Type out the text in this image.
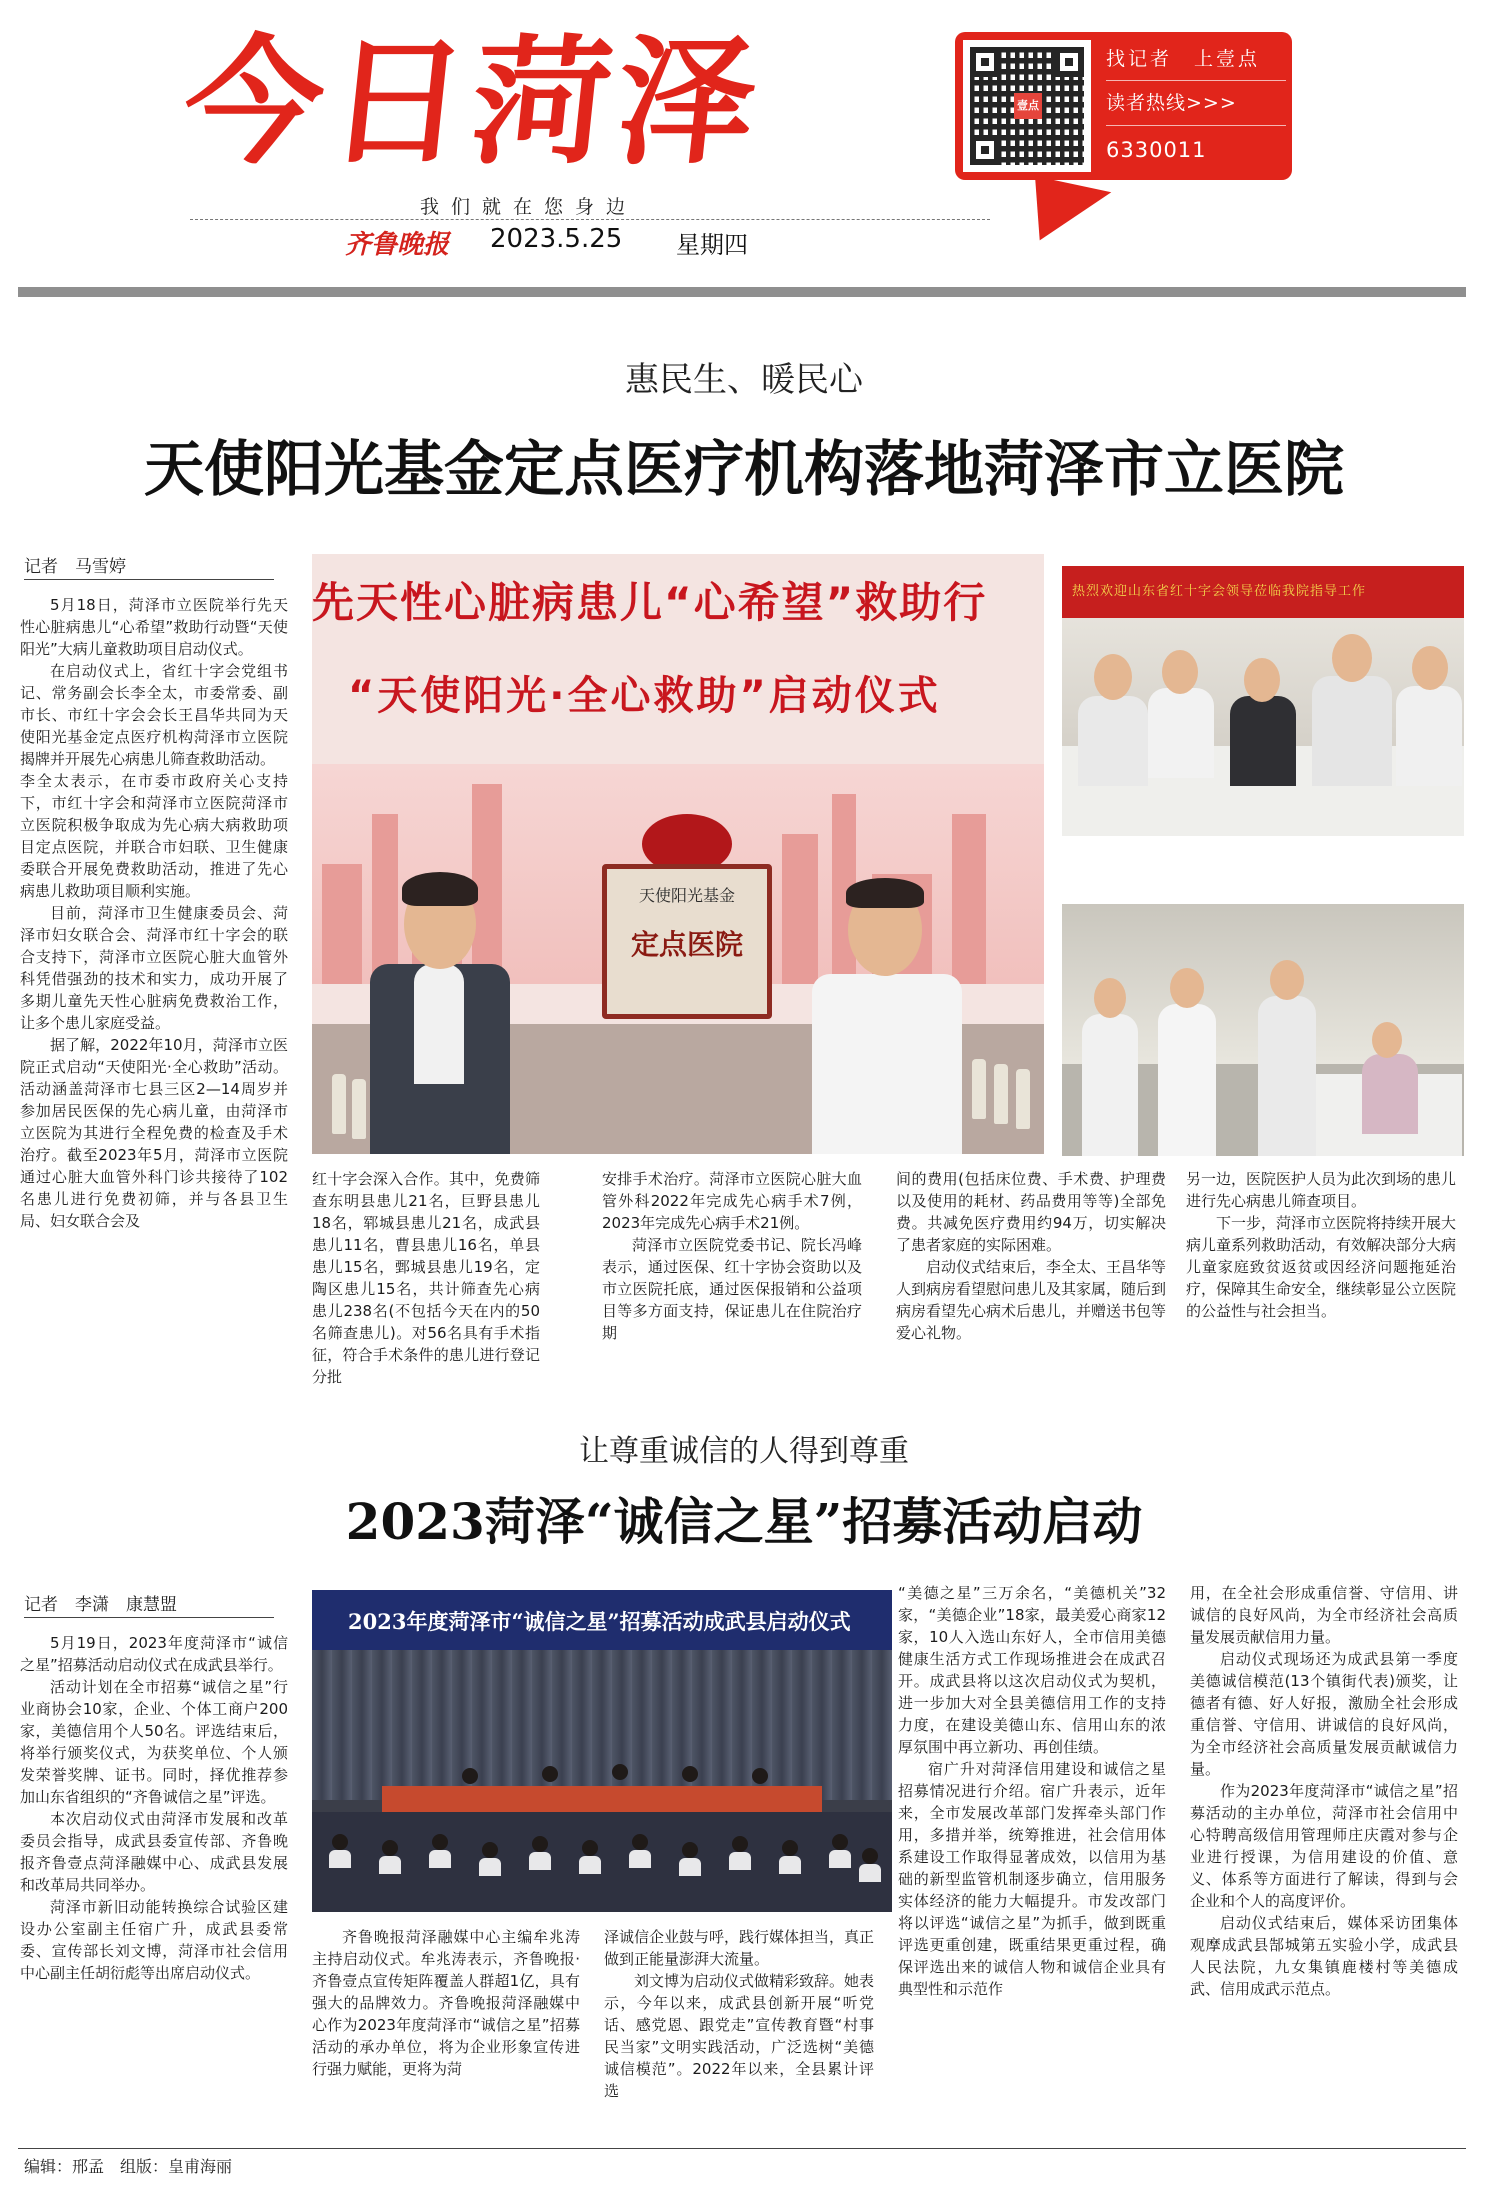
今日菏泽
我们就在您身边
齐鲁晚报 2023.5.25 星期四
壹点
找记者　上壹点
读者热线>>>
6330011
惠民生、暖民心
天使阳光基金定点医疗机构落地菏泽市立医院
记者　马雪婷

5月18日，菏泽市立医院举行先天性心脏病患儿“心希望”救助行动暨“天使阳光”大病儿童救助项目启动仪式。

在启动仪式上，省红十字会党组书记、常务副会长李全太，市委常委、副市长、市红十字会会长王昌华共同为天使阳光基金定点医疗机构菏泽市立医院揭牌并开展先心病患儿筛查救助活动。

李全太表示，在市委市政府关心支持下，市红十字会和菏泽市立医院菏泽市立医院积极争取成为先心病大病救助项目定点医院，并联合市妇联、卫生健康委联合开展免费救助活动，推进了先心病患儿救助项目顺利实施。

目前，菏泽市卫生健康委员会、菏泽市妇女联合会、菏泽市红十字会的联合支持下，菏泽市立医院心脏大血管外科凭借强劲的技术和实力，成功开展了多期儿童先天性心脏病免费救治工作，让多个患儿家庭受益。

据了解，2022年10月，菏泽市立医院正式启动“天使阳光·全心救助”活动。活动涵盖菏泽市七县三区2—14周岁并参加居民医保的先心病儿童，由菏泽市立医院为其进行全程免费的检查及手术治疗。截至2023年5月，菏泽市立医院通过心脏大血管外科门诊共接待了102名患儿进行免费初筛，并与各县卫生局、妇女联合会及

红十字会深入合作。其中，免费筛查东明县患儿21名，巨野县患儿18名，郓城县患儿21名，成武县患儿11名，曹县患儿16名，单县患儿15名，鄄城县患儿19名，定陶区患儿15名，共计筛查先心病患儿238名(不包括今天在内的50名筛查患儿)。对56名具有手术指征，符合手术条件的患儿进行登记分批

安排手术治疗。菏泽市立医院心脏大血管外科2022年完成先心病手术7例，2023年完成先心病手术21例。

菏泽市立医院党委书记、院长冯峰表示，通过医保、红十字协会资助以及市立医院托底，通过医保报销和公益项目等多方面支持，保证患儿在住院治疗期

间的费用(包括床位费、手术费、护理费以及使用的耗材、药品费用等等)全部免费。共减免医疗费用约94万，切实解决了患者家庭的实际困难。

启动仪式结束后，李全太、王昌华等人到病房看望慰问患儿及其家属，随后到病房看望先心病术后患儿，并赠送书包等爱心礼物。

另一边，医院医护人员为此次到场的患儿进行先心病患儿筛查项目。

下一步，菏泽市立医院将持续开展大病儿童系列救助活动，有效解决部分大病儿童家庭致贫返贫或因经济问题拖延治疗，保障其生命安全，继续彰显公立医院的公益性与社会担当。

先天性心脏病患儿“心希望”救助行
“天使阳光·全心救助”启动仪式
天使阳光基金
定点医院
热烈欢迎山东省红十字会领导莅临我院指导工作
让尊重诚信的人得到尊重
2023菏泽“诚信之星”招募活动启动
记者　李潇　康慧盟

5月19日，2023年度菏泽市“诚信之星”招募活动启动仪式在成武县举行。

活动计划在全市招募“诚信之星”行业商协会10家，企业、个体工商户200家，美德信用个人50名。评选结束后，将举行颁奖仪式，为获奖单位、个人颁发荣誉奖牌、证书。同时，择优推荐参加山东省组织的“齐鲁诚信之星”评选。

本次启动仪式由菏泽市发展和改革委员会指导，成武县委宣传部、齐鲁晚报齐鲁壹点菏泽融媒中心、成武县发展和改革局共同举办。

菏泽市新旧动能转换综合试验区建设办公室副主任宿广升，成武县委常委、宣传部长刘文博，菏泽市社会信用中心副主任胡衍彪等出席启动仪式。

齐鲁晚报菏泽融媒中心主编牟兆涛主持启动仪式。牟兆涛表示，齐鲁晚报·齐鲁壹点宣传矩阵覆盖人群超1亿，具有强大的品牌效力。齐鲁晚报菏泽融媒中心作为2023年度菏泽市“诚信之星”招募活动的承办单位，将为企业形象宣传进行强力赋能，更将为菏

泽诚信企业鼓与呼，践行媒体担当，真正做到正能量澎湃大流量。

刘文博为启动仪式做精彩致辞。她表示，今年以来，成武县创新开展“听党话、感党恩、跟党走”宣传教育暨“村事民当家”文明实践活动，广泛选树“美德诚信模范”。2022年以来，全县累计评选

“美德之星”三万余名，“美德机关”32家，“美德企业”18家，最美爱心商家12家，10人入选山东好人，全市信用美德健康生活方式工作现场推进会在成武召开。成武县将以这次启动仪式为契机，进一步加大对全县美德信用工作的支持力度，在建设美德山东、信用山东的浓厚氛围中再立新功、再创佳绩。

宿广升对菏泽信用建设和诚信之星招募情况进行介绍。宿广升表示，近年来，全市发展改革部门发挥牵头部门作用，多措并举，统筹推进，社会信用体系建设工作取得显著成效，以信用为基础的新型监管机制逐步确立，信用服务实体经济的能力大幅提升。市发改部门将以评选“诚信之星”为抓手，做到既重评选更重创建，既重结果更重过程，确保评选出来的诚信人物和诚信企业具有典型性和示范作

用，在全社会形成重信誉、守信用、讲诚信的良好风尚，为全市经济社会高质量发展贡献信用力量。

启动仪式现场还为成武县第一季度美德诚信模范(13个镇街代表)颁奖，让德者有德、好人好报，激励全社会形成重信誉、守信用、讲诚信的良好风尚，为全市经济社会高质量发展贡献诚信力量。

作为2023年度菏泽市“诚信之星”招募活动的主办单位，菏泽市社会信用中心特聘高级信用管理师庄庆霞对参与企业进行授课，为信用建设的价值、意义、体系等方面进行了解读，得到与会企业和个人的高度评价。

启动仪式结束后，媒体采访团集体观摩成武县郜城第五实验小学，成武县人民法院，九女集镇鹿楼村等美德成武、信用成武示范点。

2023年度菏泽市“诚信之星”招募活动成武县启动仪式
编辑：邢孟　组版：皇甫海丽
